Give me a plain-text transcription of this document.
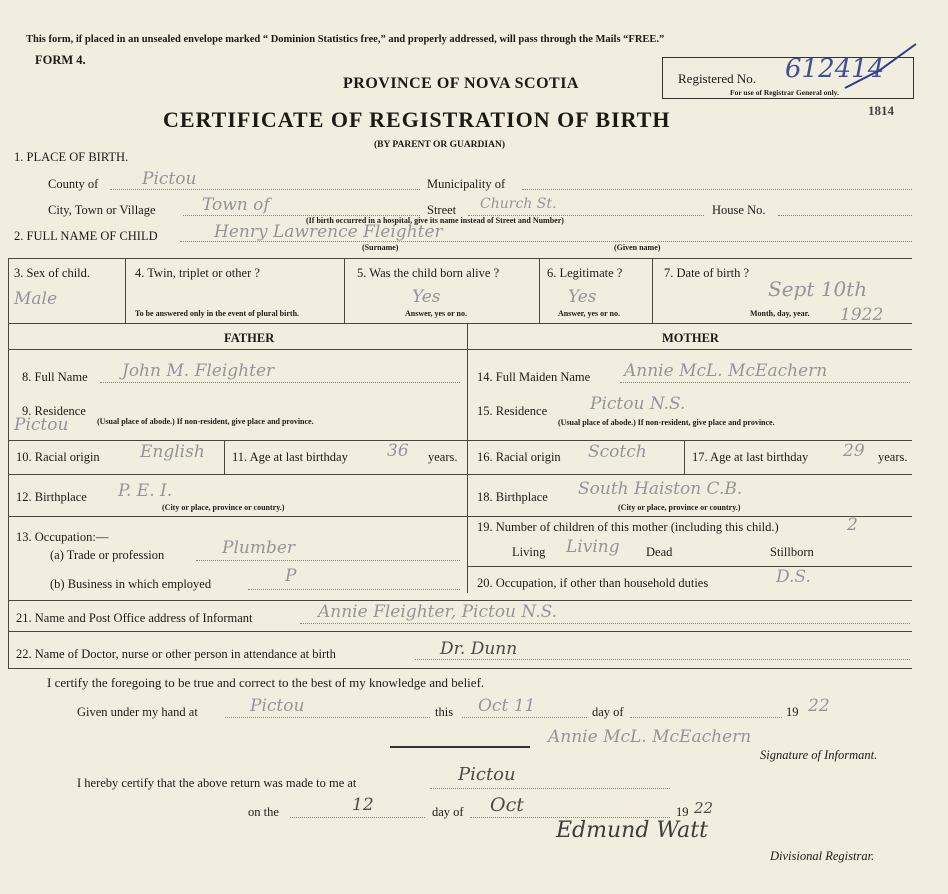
This form, if placed in an unsealed envelope marked “ Dominion Statistics free,” and properly addressed, will pass through the Mails “FREE.”
FORM 4.
PROVINCE OF NOVA SCOTIA
CERTIFICATE OF REGISTRATION OF BIRTH
(BY PARENT OR GUARDIAN)
Registered No. 612414
For use of Registrar General only.
1814
1. PLACE OF BIRTH.
County of	Pictou	Municipality of
City, Town or Village	Town of	Street Church St.	House No.
(If birth occurred in a hospital, give its name instead of Street and Number)
2. FULL NAME OF CHILD	Henry Lawrence Fleighter
(Surname)	(Given name)
3. Sex of child.
Male
4. Twin, triplet or other ?
To be answered only in the event of plural birth.
5. Was the child born alive ?
Yes
Answer, yes or no.
6. Legitimate ?
Yes
Answer, yes or no.
7. Date of birth ?
Sept 10th
Month, day, year. 1922
FATHER	MOTHER
8. Full Name John M. Fleighter
9. Residence
Pictou	(Usual place of abode.) If non-resident, give place and province.
10. Racial origin English 11. Age at last birthday 36 years.
12. Birthplace P. E. I.
(City or place, province or country.)
13. Occupation:—
(a) Trade or profession	Plumber
(b) Business in which employed	P
14. Full Maiden Name Annie McL. McEachern
15. Residence	Pictou N.S.
(Usual place of abode.) If non-resident, give place and province.
16. Racial origin Scotch	17. Age at last birthday 29 years.
18. Birthplace South Haiston C.B.
(City or place, province or country.)
19. Number of children of this mother (including this child.)	2
Living Living Dead	Stillborn
20. Occupation, if other than household duties	D.S.
21. Name and Post Office address of Informant	Annie Fleighter, Pictou N.S.
22. Name of Doctor, nurse or other person in attendance at birth	Dr. Dunn
I certify the foregoing to be true and correct to the best of my knowledge and belief.
Given under my hand at	Pictou	this Oct 11	day of	19 22
Annie McL. McEachern
Signature of Informant.
I hereby certify that the above return was made to me at	Pictou
on the	12	day of Oct	19 22
Edmund Watt
Divisional Registrar.
